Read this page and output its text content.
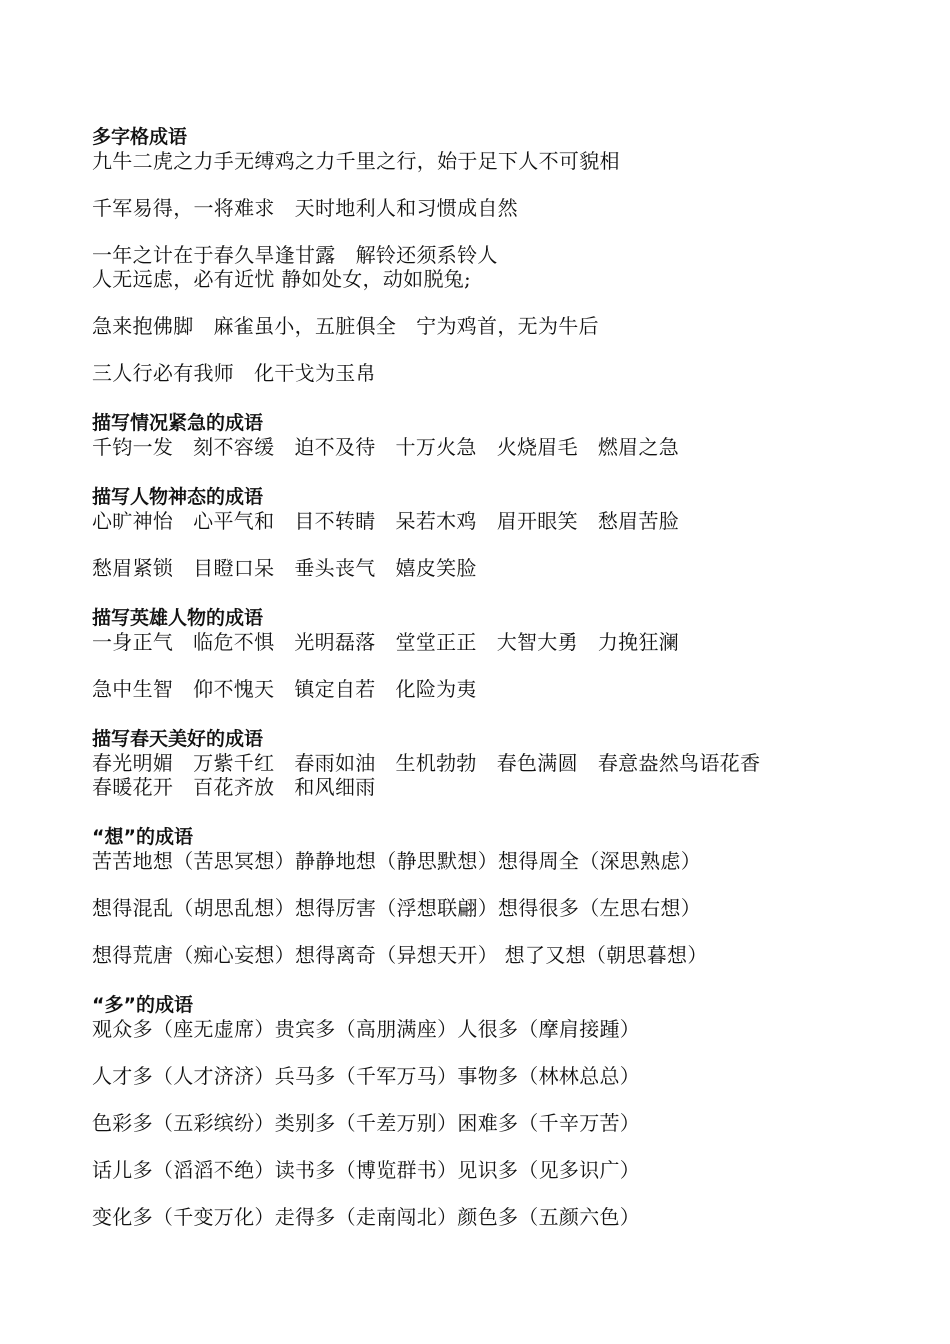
多字格成语
九牛二虎之力手无缚鸡之力千里之行，始于足下人不可貌相
千军易得，一将难求   天时地利人和习惯成自然
一年之计在于春久旱逢甘露   解铃还须系铃人
人无远虑，必有近忧 静如处女，动如脱兔;
急来抱佛脚   麻雀虽小，五脏俱全   宁为鸡首，无为牛后
三人行必有我师   化干戈为玉帛
描写情况紧急的成语
千钧一发   刻不容缓   迫不及待   十万火急   火烧眉毛   燃眉之急
描写人物神态的成语
心旷神怡   心平气和   目不转睛   呆若木鸡   眉开眼笑   愁眉苦脸
愁眉紧锁   目瞪口呆   垂头丧气   嬉皮笑脸
描写英雄人物的成语
一身正气   临危不惧   光明磊落   堂堂正正   大智大勇   力挽狂澜
急中生智   仰不愧天   镇定自若   化险为夷
描写春天美好的成语
春光明媚   万紫千红   春雨如油   生机勃勃   春色满圆   春意盎然鸟语花香
春暖花开   百花齐放   和风细雨
“想”的成语
苦苦地想（苦思冥想）静静地想（静思默想）想得周全（深思熟虑）
想得混乱（胡思乱想）想得厉害（浮想联翩）想得很多（左思右想）
想得荒唐（痴心妄想）想得离奇（异想天开） 想了又想（朝思暮想）
“多”的成语
观众多（座无虚席）贵宾多（高朋满座）人很多（摩肩接踵）
人才多（人才济济）兵马多（千军万马）事物多（林林总总）
色彩多（五彩缤纷）类别多（千差万别）困难多（千辛万苦）
话儿多（滔滔不绝）读书多（博览群书）见识多（见多识广）
变化多（千变万化）走得多（走南闯北）颜色多（五颜六色）
